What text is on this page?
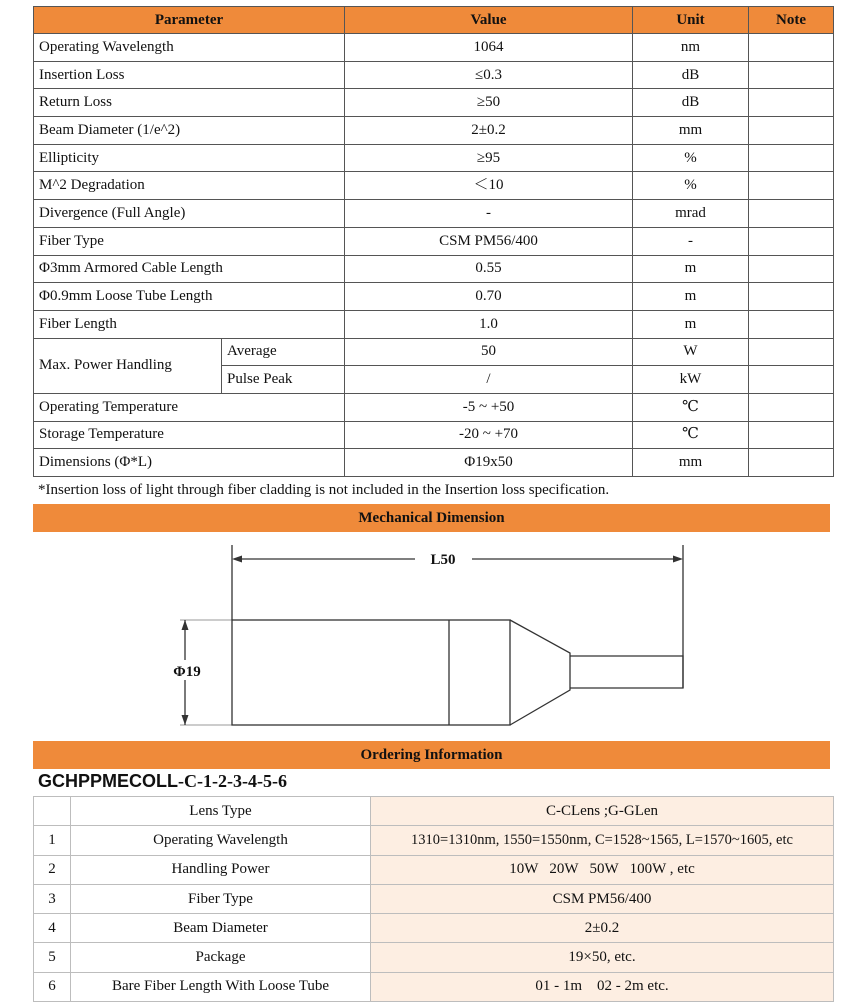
Parameter		Value	Unit	Note
Operating Wavelength		1064	nm	
Insertion Loss		≤0.3	dB	
Return Loss		≥50	dB	
Beam Diameter (1/e^2)		2±0.2	mm	
Ellipticity		≥95	%	
M^2 Degradation		＜10	%	
Divergence (Full Angle)		-	mrad	
Fiber Type		CSM PM56/400	-	
Φ3mm Armored Cable Length		0.55	m	
Φ0.9mm Loose Tube Length		0.70	m	
Fiber Length		1.0	m	
Max. Power Handling	Average	50	W	
	Pulse Peak	/	kW	
Operating Temperature		-5 ~ +50	℃	
Storage Temperature		-20 ~ +70	℃	
Dimensions (Φ*L)		Φ19x50	mm	
*Insertion loss of light through fiber cladding is not included in the Insertion loss specification.
Mechanical Dimension
L50
Φ19
Ordering Information
GCHPPMECOLL-C-1-2-3-4-5-6
	Lens Type	C-CLens ;G-GLen
1	Operating Wavelength	1310=1310nm, 1550=1550nm, C=1528~1565, L=1570~1605, etc
2	Handling Power	10W   20W   50W   100W , etc
3	Fiber Type	CSM PM56/400
4	Beam Diameter	2±0.2
5	Package	19×50, etc.
6	Bare Fiber Length With Loose Tube	01 - 1m    02 - 2m etc.
